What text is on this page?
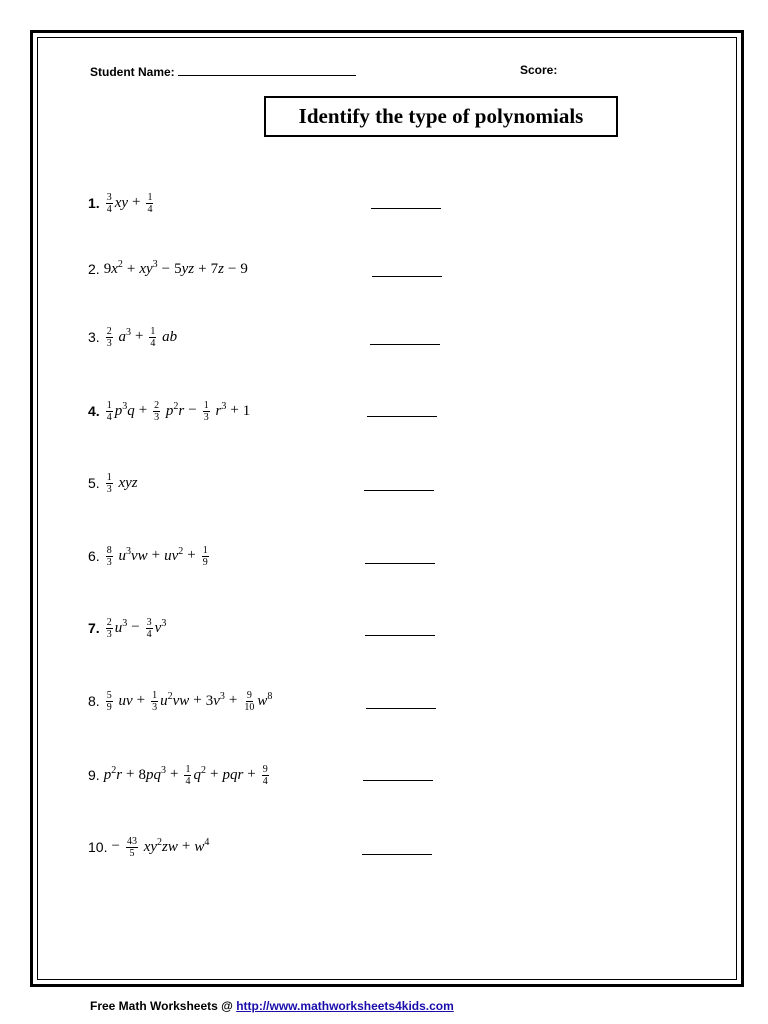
Student Name:	Score:
Identify the type of polynomials
1. $\frac{3}{4}$ xy + $\frac{1}{4}$
2. $9x^2 + xy^3 - 5yz + 7z - 9$
3. $\frac{2}{3} a^3 + \frac{1}{4}$ ab
4. $\frac{1}{4} p^3q + \frac{2}{3} p^2r - \frac{1}{3} r^3 + 1$
5. $\frac{1}{3}$ xyz
6. $\frac{8}{3} u^3vw + uv^2 + \frac{1}{9}$
7. $\frac{2}{3} u^3 - \frac{3}{4} v^3$
8. $\frac{5}{9}$ uv + $\frac{1}{3} u^2vw + 3v^3 + \frac{9}{10} w^8$
9. $p^2r + 8pq^3 + \frac{1}{4} q^2$ + pqr + $\frac{9}{4}$
10. − $\frac{43}{5} xy^2zw + w^4$
Free Math Worksheets @ http://www.mathworksheets4kids.com
